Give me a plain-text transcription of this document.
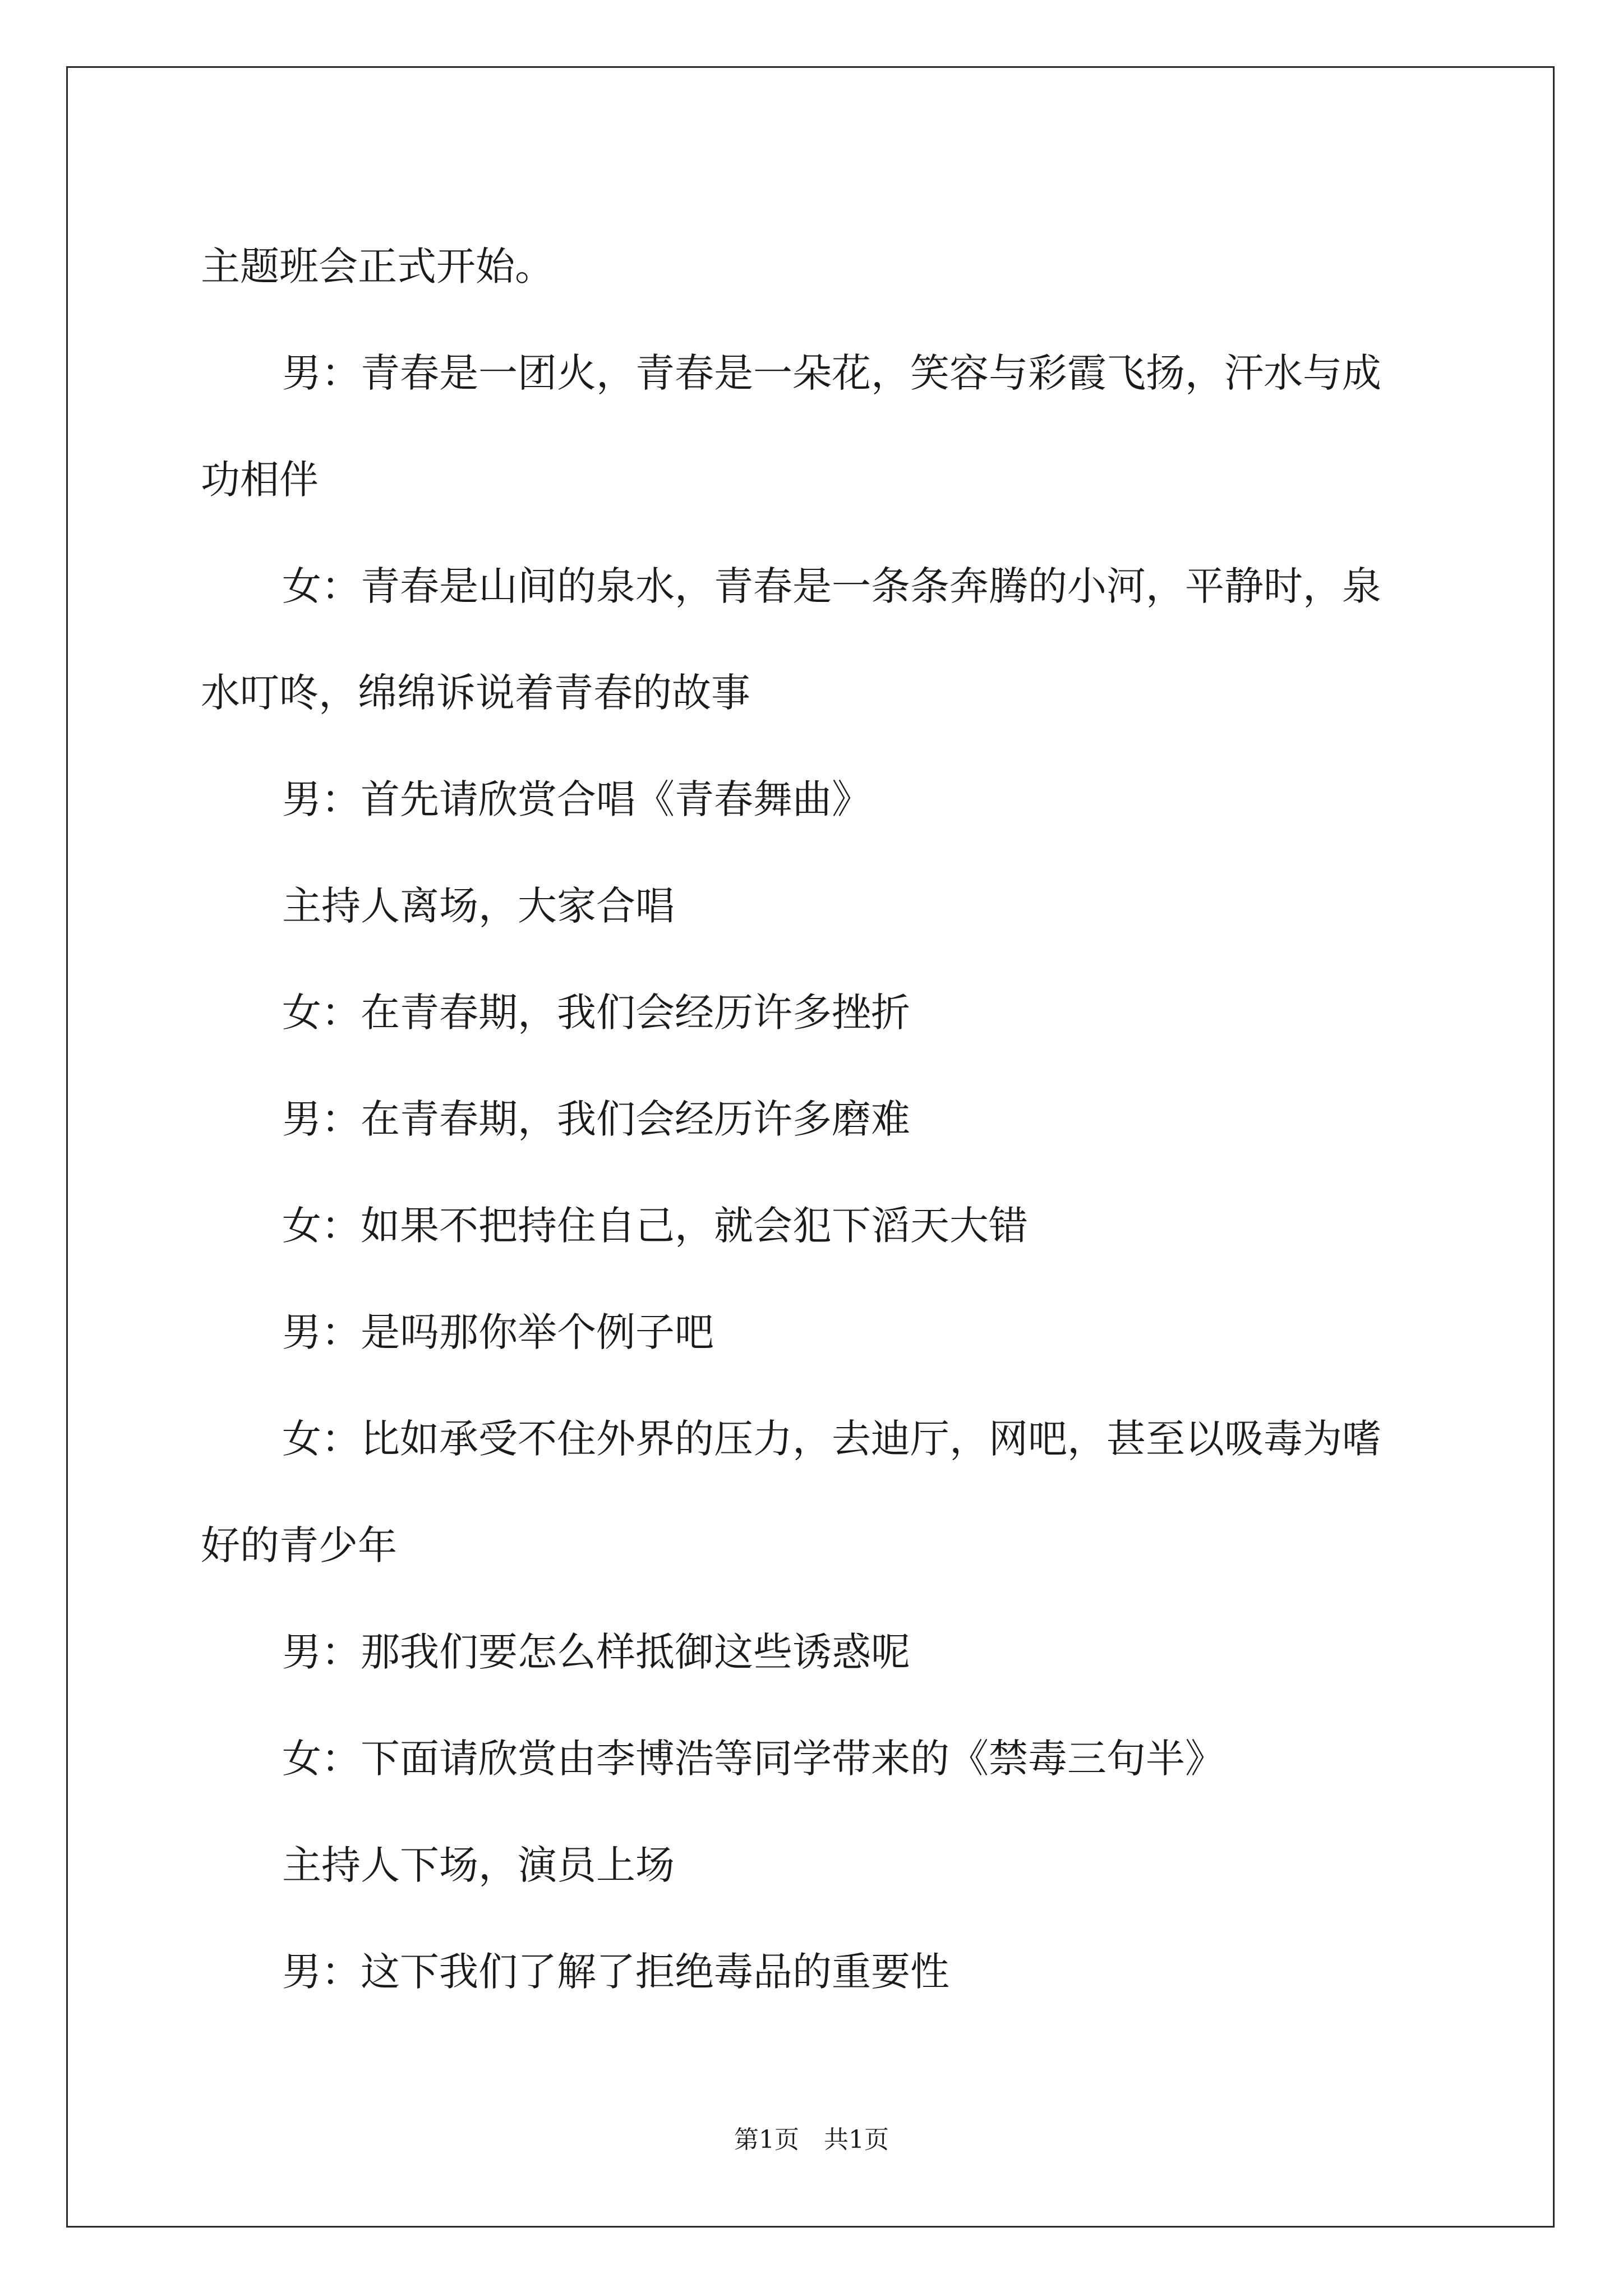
主题班会正式开始。

男：青春是一团火，青春是一朵花，笑容与彩霞飞扬，汗水与成

功相伴

女：青春是山间的泉水，青春是一条条奔腾的小河，平静时，泉

水叮咚，绵绵诉说着青春的故事

男：首先请欣赏合唱《青春舞曲》

主持人离场，大家合唱

女：在青春期，我们会经历许多挫折

男：在青春期，我们会经历许多磨难

女：如果不把持住自己，就会犯下滔天大错

男：是吗那你举个例子吧

女：比如承受不住外界的压力，去迪厅，网吧，甚至以吸毒为嗜

好的青少年

男：那我们要怎么样抵御这些诱惑呢

女：下面请欣赏由李博浩等同学带来的《禁毒三句半》

主持人下场，演员上场

男：这下我们了解了拒绝毒品的重要性

第1页 共1页
